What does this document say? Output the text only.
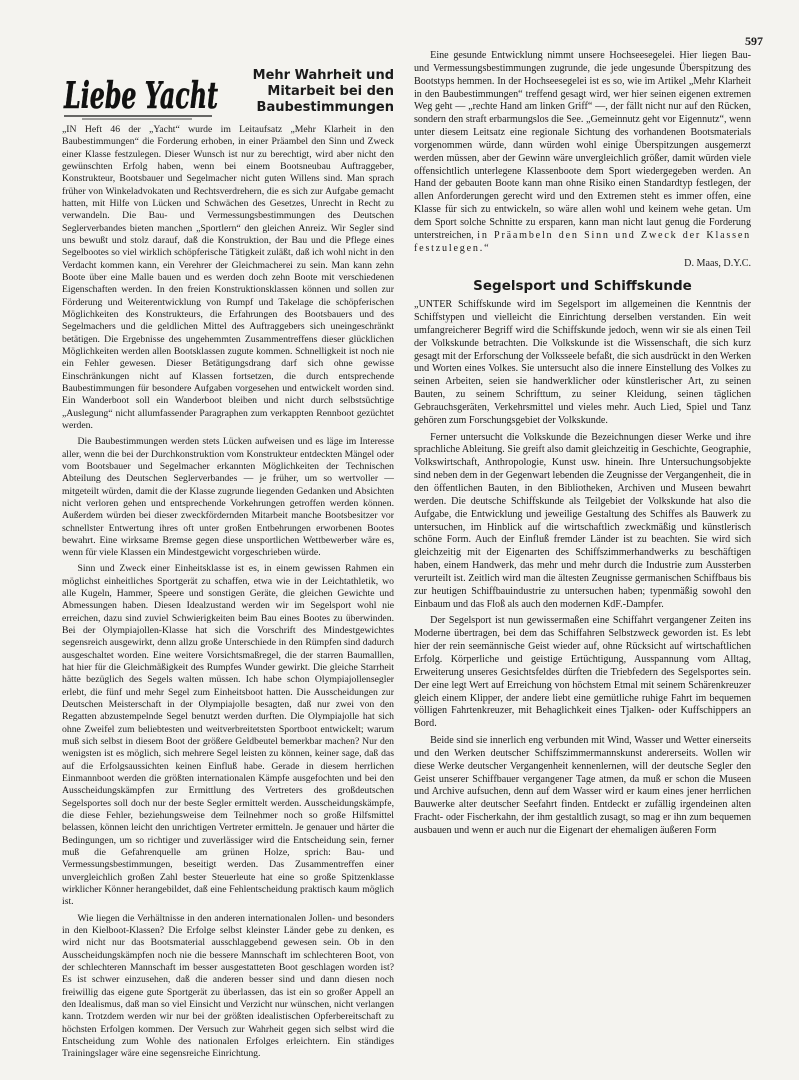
597
Liebe Yacht	Mehr Wahrheit und Mitarbeit bei den Baubestimmungen

„IN Heft 46 der „Yacht“ wurde im Leitaufsatz „Mehr Klarheit in den Baubestimmungen“ die Forderung erhoben, in einer Präambel den Sinn und Zweck einer Klasse festzulegen. Dieser Wunsch ist nur zu berechtigt, wird aber nicht den gewünschten Erfolg haben, wenn bei einem Bootsneubau Auftraggeber, Konstrukteur, Bootsbauer und Segelmacher nicht guten Willens sind. Man sprach früher von Winkeladvokaten und Rechtsverdrehern, die es sich zur Aufgabe gemacht hatten, mit Hilfe von Lücken und Schwächen des Gesetzes, Unrecht in Recht zu verwandeln. Die Bau- und Vermessungsbestimmungen des Deutschen Seglerverbandes bieten manchen „Sportlern“ den gleichen Anreiz. Wir Segler sind uns bewußt und stolz darauf, daß die Konstruktion, der Bau und die Pflege eines Segelbootes so viel wirklich schöpferische Tätigkeit zuläßt, daß ich wohl nicht in den Verdacht kommen kann, ein Verehrer der Gleichmacherei zu sein. Man kann zehn Boote über eine Malle bauen und es werden doch zehn Boote mit verschiedenen Eigenschaften werden. In den freien Konstruktionsklassen können und sollen zur Förderung und Weiterentwicklung von Rumpf und Takelage die schöpferischen Möglichkeiten des Konstrukteurs, die Erfahrungen des Bootsbauers und des Segelmachers und die geldlichen Mittel des Auftraggebers sich uneingeschränkt betätigen. Die Ergebnisse des ungehemmten Zusammentreffens dieser glücklichen Möglichkeiten werden allen Bootsklassen zugute kommen. Schnelligkeit ist noch nie ein Fehler gewesen. Dieser Betätigungsdrang darf sich ohne gewisse Einschränkungen nicht auf Klassen fortsetzen, die durch entsprechende Baubestimmungen für besondere Aufgaben vorgesehen und entwickelt worden sind. Ein Wanderboot soll ein Wanderboot bleiben und nicht durch selbstsüchtige „Auslegung“ nicht allumfassender Paragraphen zum verkappten Rennboot gezüchtet werden.

Die Baubestimmungen werden stets Lücken aufweisen und es läge im Interesse aller, wenn die bei der Durchkonstruktion vom Konstrukteur entdeckten Mängel oder vom Bootsbauer und Segelmacher erkannten Möglichkeiten der Technischen Abteilung des Deutschen Seglerverbandes — je früher, um so wertvoller — mitgeteilt würden, damit die der Klasse zugrunde liegenden Gedanken und Absichten nicht verloren gehen und entsprechende Vorkehrungen getroffen werden können. Außerdem würden bei dieser zweckfördernden Mitarbeit manche Bootsbesitzer vor schnellster Entwertung ihres oft unter großen Entbehrungen erworbenen Bootes bewahrt. Eine wirksame Bremse gegen diese unsportlichen Wettbewerber wäre es, wenn für viele Klassen ein Mindestgewicht vorgeschrieben würde.

Sinn und Zweck einer Einheitsklasse ist es, in einem gewissen Rahmen ein möglichst einheitliches Sportgerät zu schaffen, etwa wie in der Leichtathletik, wo alle Kugeln, Hammer, Speere und sonstigen Geräte, die gleichen Gewichte und Abmessungen haben. Diesen Idealzustand werden wir im Segelsport wohl nie erreichen, dazu sind zuviel Schwierigkeiten beim Bau eines Bootes zu überwinden. Bei der Olympiajollen-Klasse hat sich die Vorschrift des Mindestgewichtes segensreich ausgewirkt, denn allzu große Unterschiede in den Rümpfen sind dadurch ausgeschaltet worden. Eine weitere Vorsichtsmaßregel, die der starren Baumalllen, hat hier für die Gleichmäßigkeit des Rumpfes Wunder gewirkt. Die gleiche Starrheit hätte bezüglich des Segels walten müssen. Ich habe schon Olympiajollensegler erlebt, die fünf und mehr Segel zum Einheitsboot hatten. Die Ausscheidungen zur Deutschen Meisterschaft in der Olympiajolle besagten, daß nur zwei von den Regatten abzustempelnde Segel benutzt werden durften. Die Olympiajolle hat sich ohne Zweifel zum beliebtesten und weitverbreitetsten Sportboot entwickelt; warum muß sich selbst in diesem Boot der größere Geldbeutel bemerkbar machen? Nur den wenigsten ist es möglich, sich mehrere Segel leisten zu können, keiner sage, daß das auf die Erfolgsaussichten keinen Einfluß habe. Gerade in diesem herrlichen Einmannboot werden die größten internationalen Kämpfe ausgefochten und bei den Ausscheidungskämpfen zur Ermittlung des Vertreters des großdeutschen Segelsportes soll doch nur der beste Segler ermittelt werden. Ausscheidungskämpfe, die diese Fehler, beziehungsweise dem Teilnehmer noch so große Hilfsmittel belassen, können leicht den unrichtigen Vertreter ermitteln. Je genauer und härter die Bedingungen, um so richtiger und zuverlässiger wird die Entscheidung sein, ferner muß die Gefahrenquelle am grünen Holze, sprich: Bau- und Vermessungsbestimmungen, beseitigt werden. Das Zusammentreffen einer unvergleichlich großen Zahl bester Steuerleute hat eine so große Spitzenklasse wirklicher Könner herangebildet, daß eine Fehlentscheidung praktisch kaum möglich ist.

Wie liegen die Verhältnisse in den anderen internationalen Jollen- und besonders in den Kielboot-Klassen? Die Erfolge selbst kleinster Länder gebe zu denken, es wird nicht nur das Bootsmaterial ausschlaggebend gewesen sein. Ob in den Ausscheidungskämpfen noch nie die bessere Mannschaft im schlechteren Boot, von der schlechteren Mannschaft im besser ausgestatteten Boot geschlagen worden ist? Es ist schwer einzusehen, daß die anderen besser sind und dann diesen noch freiwillig das eigene gute Sportgerät zu überlassen, das ist ein so großer Appell an den Idealismus, daß man so viel Einsicht und Verzicht nur wünschen, nicht verlangen kann. Trotzdem werden wir nur bei der größten idealistischen Opferbereitschaft zu höchsten Erfolgen kommen. Der Versuch zur Wahrheit gegen sich selbst wird die Entscheidung zum Wohle des nationalen Erfolges erleichtern. Ein ständiges Trainingslager wäre eine segensreiche Einrichtung.

Eine gesunde Entwicklung nimmt unsere Hochseesegelei. Hier liegen Bau- und Vermessungsbestimmungen zugrunde, die jede ungesunde Überspitzung des Bootstyps hemmen. In der Hochseesegelei ist es so, wie im Artikel „Mehr Klarheit in den Baubestimmungen“ treffend gesagt wird, wer hier seinen eigenen extremen Weg geht — „rechte Hand am linken Griff“ —, der fällt nicht nur auf den Rücken, sondern den straft erbarmungslos die See. „Gemeinnutz geht vor Eigennutz“, wenn unter diesem Leitsatz eine regionale Sichtung des vorhandenen Bootsmaterials vorgenommen würde, dann würden wohl einige Überspitzungen ausgemerzt werden müssen, aber der Gewinn wäre unvergleichlich größer, damit würden viele offensichtlich unterlegene Klassenboote dem Sport wiedergegeben werden. An Hand der gebauten Boote kann man ohne Risiko einen Standardtyp festlegen, der allen Anforderungen gerecht wird und den Extremen steht es immer offen, eine Klasse für sich zu entwickeln, so wäre allen wohl und keinem wehe getan. Um dem Sport solche Schnitte zu ersparen, kann man nicht laut genug die Forderung unterstreichen, in Präambeln den Sinn und Zweck der Klassen festzulegen.“

D. Maas, D.Y.C.
Segelsport und Schiffskunde

„UNTER Schiffskunde wird im Segelsport im allgemeinen die Kenntnis der Schiffstypen und vielleicht die Einrichtung derselben verstanden. Ein weit umfangreicherer Begriff wird die Schiffskunde jedoch, wenn wir sie als einen Teil der Volkskunde betrachten. Die Volkskunde ist die Wissenschaft, die sich kurz gesagt mit der Erforschung der Volksseele befaßt, die sich ausdrückt in den Werken und Worten eines Volkes. Sie untersucht also die innere Einstellung des Volkes zu seinen Arbeiten, seien sie handwerklicher oder künstlerischer Art, zu seinen Bauten, zu seinem Schrifttum, zu seiner Kleidung, seinen täglichen Gebrauchsgeräten, Verkehrsmittel und vieles mehr. Auch Lied, Spiel und Tanz gehören zum Forschungsgebiet der Volkskunde.

Ferner untersucht die Volkskunde die Bezeichnungen dieser Werke und ihre sprachliche Ableitung. Sie greift also damit gleichzeitig in Geschichte, Geographie, Volkswirtschaft, Anthropologie, Kunst usw. hinein. Ihre Untersuchungsobjekte sind neben dem in der Gegenwart lebenden die Zeugnisse der Vergangenheit, die in den öffentlichen Bauten, in den Bibliotheken, Archiven und Museen bewahrt werden. Die deutsche Schiffskunde als Teilgebiet der Volkskunde hat also die Aufgabe, die Entwicklung und jeweilige Gestaltung des Schiffes als Bauwerk zu untersuchen, im Hinblick auf die wirtschaftlich zweckmäßig und künstlerisch schöne Form. Auch der Einfluß fremder Länder ist zu beachten. Sie wird sich gleichzeitig mit der Eigenarten des Schiffszimmerhandwerks zu beschäftigen haben, einem Handwerk, das mehr und mehr durch die Industrie zum Aussterben verurteilt ist. Zeitlich wird man die ältesten Zeugnisse germanischen Schiffbaus bis zur heutigen Schiffbauindustrie zu untersuchen haben; typenmäßig sowohl den Einbaum und das Floß als auch den modernen KdF.-Dampfer.

Der Segelsport ist nun gewissermaßen eine Schiffahrt vergangener Zeiten ins Moderne übertragen, bei dem das Schiffahren Selbstzweck geworden ist. Es lebt hier der rein seemännische Geist wieder auf, ohne Rücksicht auf wirtschaftlichen Erfolg. Körperliche und geistige Ertüchtigung, Ausspannung vom Alltag, Erweiterung unseres Gesichtsfeldes dürften die Triebfedern des Segelsportes sein. Der eine legt Wert auf Erreichung von höchstem Etmal mit seinem Schärenkreuzer gleich einem Klipper, der andere liebt eine gemütliche ruhige Fahrt im bequemen völligen Fahrtenkreuzer, mit Behaglichkeit eines Tjalken- oder Kuffschippers an Bord.

Beide sind sie innerlich eng verbunden mit Wind, Wasser und Wetter einerseits und den Werken deutscher Schiffszimmermannskunst andererseits. Wollen wir diese Werke deutscher Vergangenheit kennenlernen, will der deutsche Segler den Geist unserer Schiffbauer vergangener Tage atmen, da muß er schon die Museen und Archive aufsuchen, denn auf dem Wasser wird er kaum eines jener herrlichen Bauwerke alter deutscher Seefahrt finden. Entdeckt er zufällig irgendeinen alten Fracht- oder Fischerkahn, der ihm gestaltlich zusagt, so mag er ihn zum bequemen ausbauen und wenn er auch nur die Eigenart der ehemaligen äußeren Form
